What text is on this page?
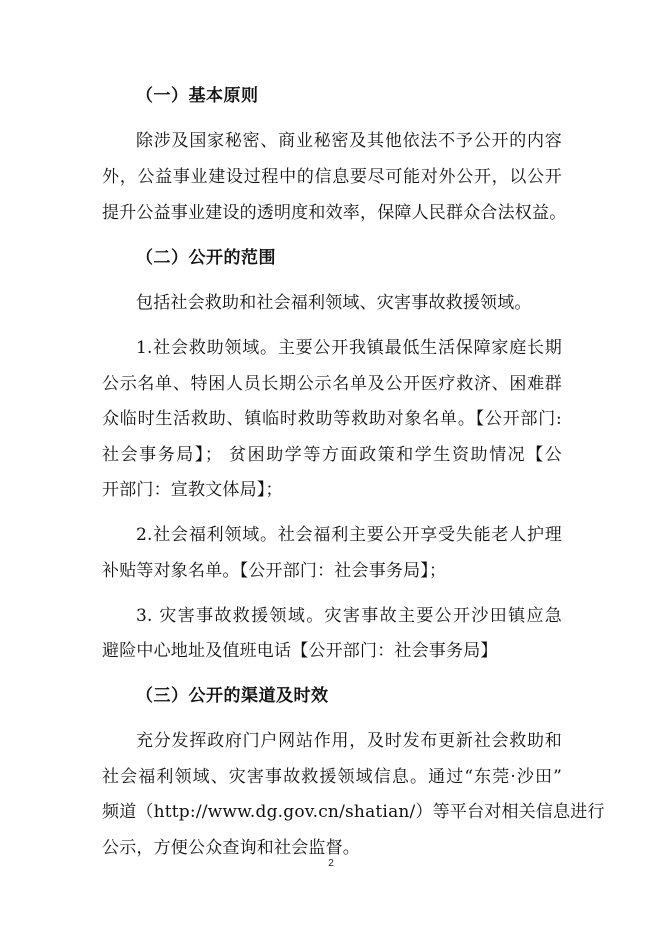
（一）基本原则
除涉及国家秘密、商业秘密及其他依法不予公开的内容
外，公益事业建设过程中的信息要尽可能对外公开，以公开
提升公益事业建设的透明度和效率，保障人民群众合法权益。
（二）公开的范围
包括社会救助和社会福利领域、灾害事故救援领域。
1.社会救助领域。主要公开我镇最低生活保障家庭长期
公示名单、特困人员长期公示名单及公开医疗救济、困难群
众临时生活救助、镇临时救助等救助对象名单。【公开部门:
社会事务局】； 贫困助学等方面政策和学生资助情况【公
开部门：宣教文体局】；
2.社会福利领域。社会福利主要公开享受失能老人护理
补贴等对象名单。【公开部门：社会事务局】；
3. 灾害事故救援领域。灾害事故主要公开沙田镇应急
避险中心地址及值班电话【公开部门：社会事务局】
（三）公开的渠道及时效
充分发挥政府门户网站作用，及时发布更新社会救助和
社会福利领域、灾害事故救援领域信息。通过“东莞·沙田”
频道（http://www.dg.gov.cn/shatian/）等平台对相关信息进行
公示，方便公众查询和社会监督。
2
